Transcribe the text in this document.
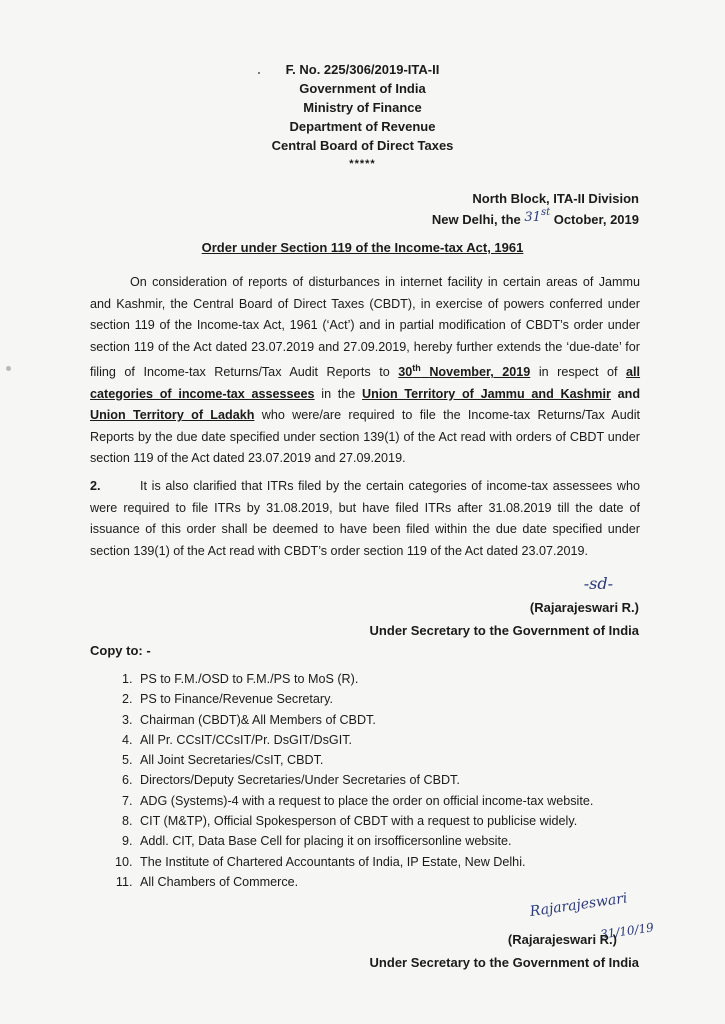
F. No. 225/306/2019-ITA-II
Government of India
Ministry of Finance
Department of Revenue
Central Board of Direct Taxes
*****
North Block, ITA-II Division
New Delhi, the 31st October, 2019
Order under Section 119 of the Income-tax Act, 1961
On consideration of reports of disturbances in internet facility in certain areas of Jammu and Kashmir, the Central Board of Direct Taxes (CBDT), in exercise of powers conferred under section 119 of the Income-tax Act, 1961 (‘Act’) and in partial modification of CBDT’s order under section 119 of the Act dated 23.07.2019 and 27.09.2019, hereby further extends the ‘due-date’ for filing of Income-tax Returns/Tax Audit Reports to 30th November, 2019 in respect of all categories of income-tax assessees in the Union Territory of Jammu and Kashmir and Union Territory of Ladakh who were/are required to file the Income-tax Returns/Tax Audit Reports by the due date specified under section 139(1) of the Act read with orders of CBDT under section 119 of the Act dated 23.07.2019 and 27.09.2019.
2.	It is also clarified that ITRs filed by the certain categories of income-tax assessees who were required to file ITRs by 31.08.2019, but have filed ITRs after 31.08.2019 till the date of issuance of this order shall be deemed to have been filed within the due date specified under section 139(1) of the Act read with CBDT’s order section 119 of the Act dated 23.07.2019.
-sd-
(Rajarajeswari R.)
Under Secretary to the Government of India
Copy to: -
1. PS to F.M./OSD to F.M./PS to MoS (R).
2. PS to Finance/Revenue Secretary.
3. Chairman (CBDT)& All Members of CBDT.
4. All Pr. CCsIT/CCsIT/Pr. DsGIT/DsGIT.
5. All Joint Secretaries/CsIT, CBDT.
6. Directors/Deputy Secretaries/Under Secretaries of CBDT.
7. ADG (Systems)-4 with a request to place the order on official income-tax website.
8. CIT (M&TP), Official Spokesperson of CBDT with a request to publicise widely.
9. Addl. CIT, Data Base Cell for placing it on irsofficersonline website.
10. The Institute of Chartered Accountants of India, IP Estate, New Delhi.
11. All Chambers of Commerce.
Rajarajeswari
31/10/19
(Rajarajeswari R.)
Under Secretary to the Government of India
